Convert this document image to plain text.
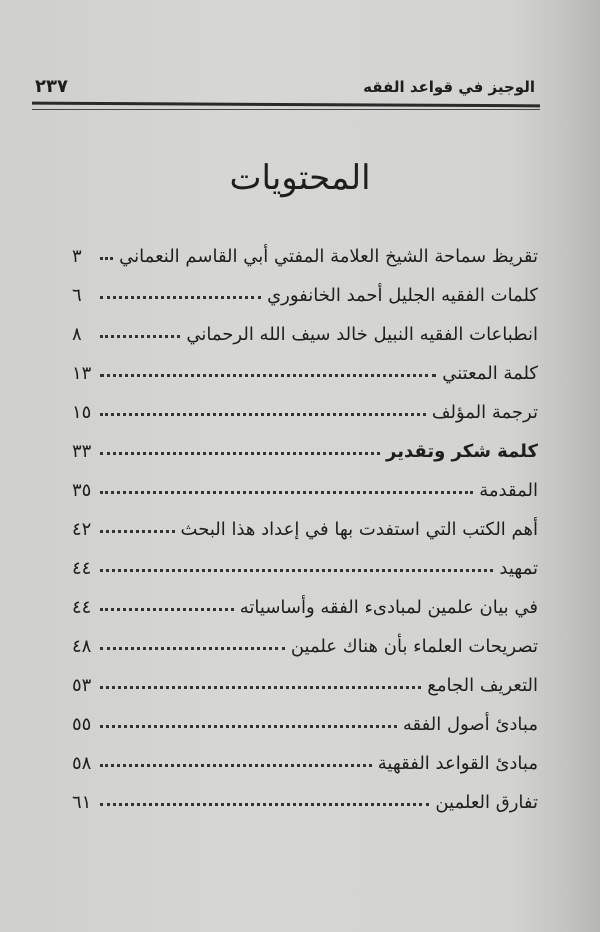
الوجيز في قواعد الفقه
٢٣٧
المحتويات
تقريظ سماحة الشيخ العلامة المفتي أبي القاسم النعماني
٣
كلمات الفقيه الجليل أحمد الخانفوري
٦
انطباعات الفقيه النبيل خالد سيف الله الرحماني
٨
كلمة المعتني
١٣
ترجمة المؤلف
١٥
كلمة شكر وتقدير
٣٣
المقدمة
٣٥
أهم الكتب التي استفدت بها في إعداد هذا البحث
٤٢
تمهيد
٤٤
في بيان علمين لمبادىء الفقه وأساسياته
٤٤
تصريحات العلماء بأن هناك علمين
٤٨
التعريف الجامع
٥٣
مبادئ أصول الفقه
٥٥
مبادئ القواعد الفقهية
٥٨
تفارق العلمين
٦١
